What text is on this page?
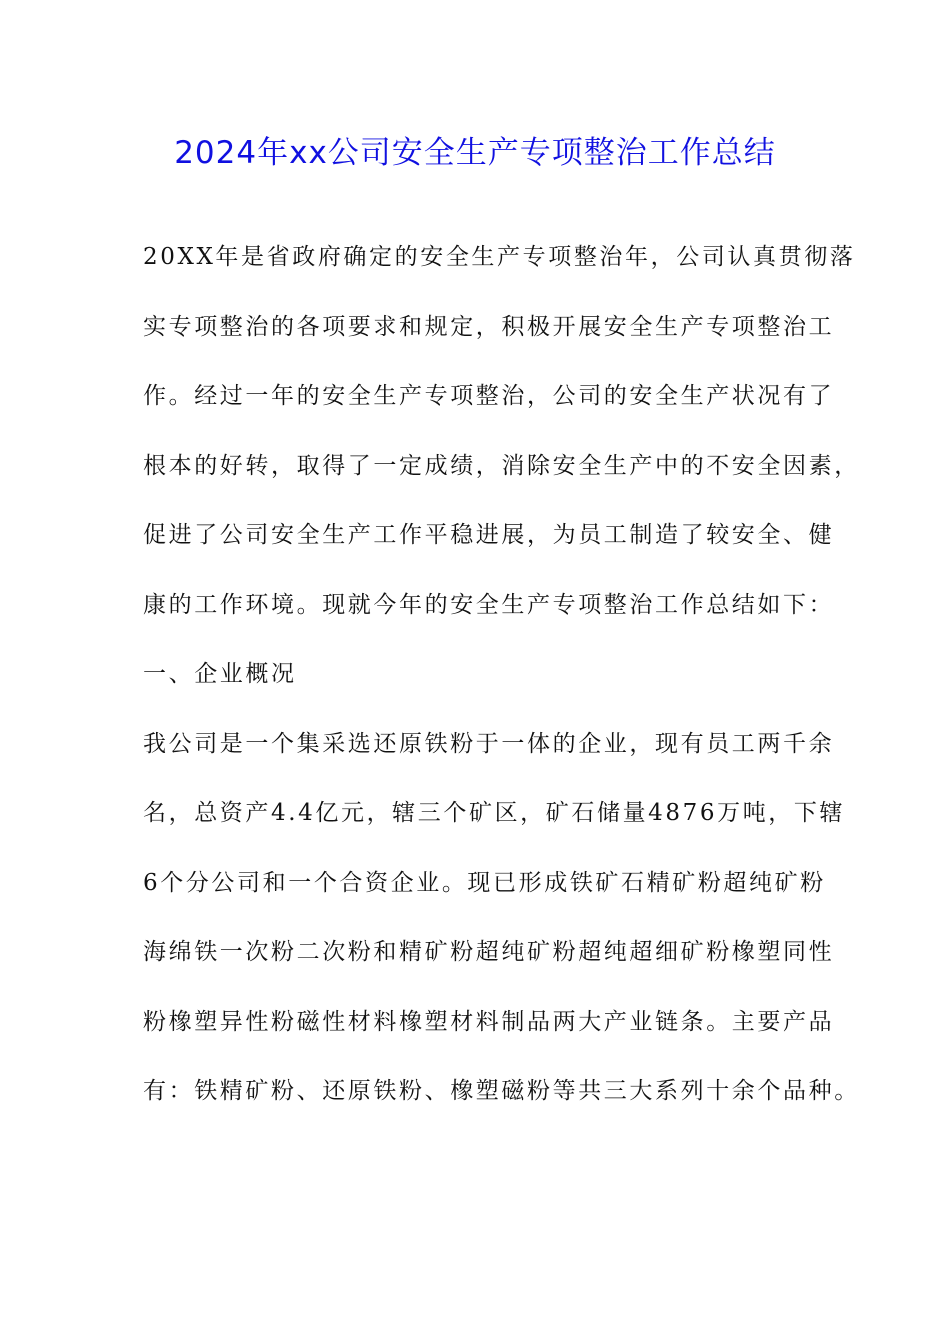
2024年xx公司安全生产专项整治工作总结
20XX年是省政府确定的安全生产专项整治年，公司认真贯彻落
实专项整治的各项要求和规定，积极开展安全生产专项整治工
作。经过一年的安全生产专项整治，公司的安全生产状况有了
根本的好转，取得了一定成绩，消除安全生产中的不安全因素，
促进了公司安全生产工作平稳进展，为员工制造了较安全、健
康的工作环境。现就今年的安全生产专项整治工作总结如下：
一、企业概况
我公司是一个集采选还原铁粉于一体的企业，现有员工两千余
名，总资产4.4亿元，辖三个矿区，矿石储量4876万吨，下辖
6个分公司和一个合资企业。现已形成铁矿石精矿粉超纯矿粉
海绵铁一次粉二次粉和精矿粉超纯矿粉超纯超细矿粉橡塑同性
粉橡塑异性粉磁性材料橡塑材料制品两大产业链条。主要产品
有：铁精矿粉、还原铁粉、橡塑磁粉等共三大系列十余个品种。
